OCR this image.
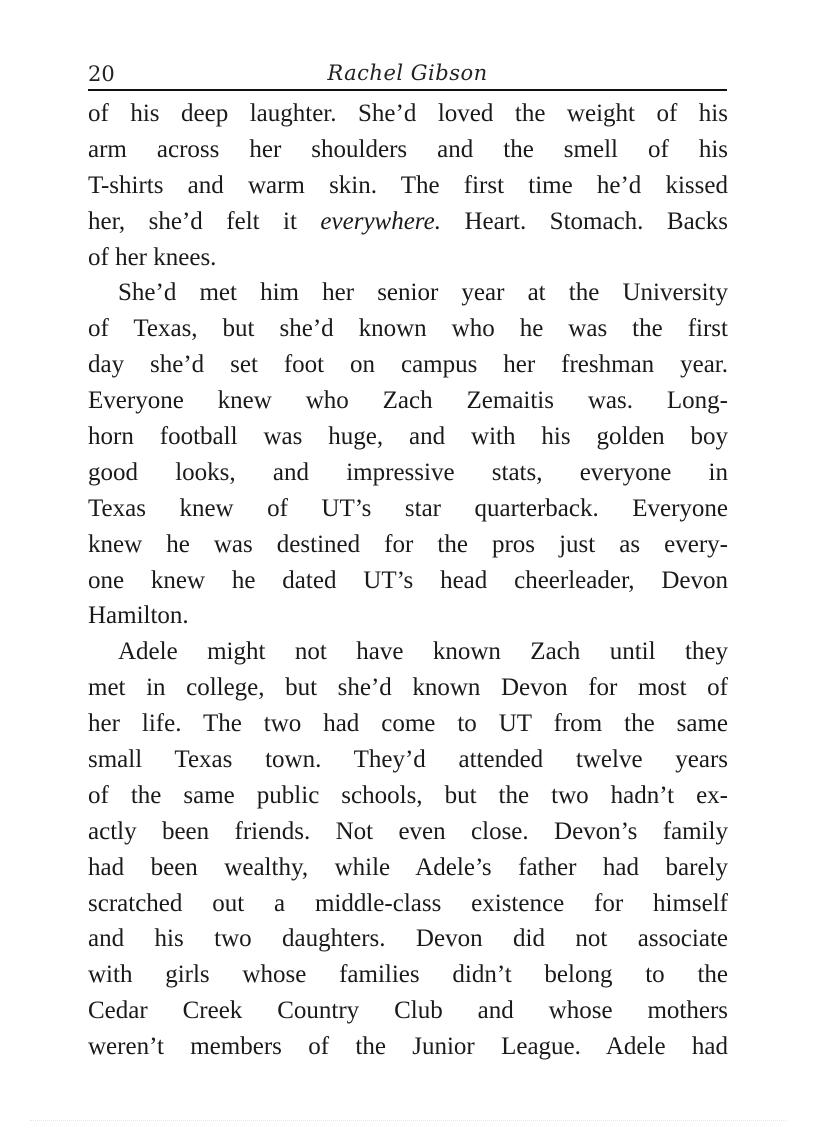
20	Rachel Gibson
of his deep laughter. She’d loved the weight of his
arm across her shoulders and the smell of his
T-shirts and warm skin. The first time he’d kissed
her, she’d felt it everywhere. Heart. Stomach. Backs
of her knees.
She’d met him her senior year at the University
of Texas, but she’d known who he was the first
day she’d set foot on campus her freshman year.
Everyone knew who Zach Zemaitis was. Long-
horn football was huge, and with his golden boy
good looks, and impressive stats, everyone in
Texas knew of UT’s star quarterback. Everyone
knew he was destined for the pros just as every-
one knew he dated UT’s head cheerleader, Devon
Hamilton.
Adele might not have known Zach until they
met in college, but she’d known Devon for most of
her life. The two had come to UT from the same
small Texas town. They’d attended twelve years
of the same public schools, but the two hadn’t ex-
actly been friends. Not even close. Devon’s family
had been wealthy, while Adele’s father had barely
scratched out a middle-class existence for himself
and his two daughters. Devon did not associate
with girls whose families didn’t belong to the
Cedar Creek Country Club and whose mothers
weren’t members of the Junior League. Adele had
